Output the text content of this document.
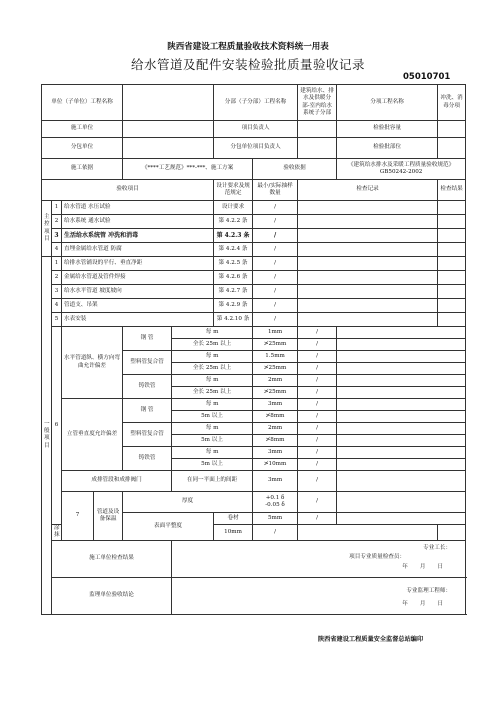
陕西省建设工程质量验收技术资料统一用表
给水管道及配件安装检验批质量验收记录
05010701
单位（子单位）工程名称						分部（子分部）工程名称		建筑给水、排水及供暖分部-室内给水系统子分部	分项工程名称	冲洗、消毒分项	
施工单位						项目负责人			检验批容量		
分包单位						分包单位项目负责人			检验批部位		
施工依据				《****工艺规范》***-***、施工方案			验收依据		《建筑给水排水及采暖工程质量验收规范》GB50242-2002		
验收项目						设计要求及规范规定	最小/实际抽样数量	检查记录		检查结果	
主控项目	1	给水管道 水压试验				设计要求	/				
	2	给水系统 通水试验				第 4.2.2 条	/				
	3	生活给水系统管 冲洗和消毒				第 4.2.3 条	/				
	4	直埋金属给水管道 防腐				第 4.2.4 条	/				
一般项目	1	给排水管铺设的平行、垂直净距				第 4.2.5 条	/				
	2	金属给水管道及管件焊接				第 4.2.6 条	/				
	3	给水水平管道 坡度坡向				第 4.2.7 条	/				
	4	管道支、吊架				第 4.2.9 条	/				
	5	水表安装				第 4.2.10 条	/				
	6	水平管道纵、横方向弯曲允许偏差		钢 管	每 m		1mm	/			
					全长 25m 以上		≯25mm	/			
				塑料管复合管	每 m		1.5mm	/			
					全长 25m 以上		≯25mm	/			
				铸铁管	每 m		2mm	/			
					全长 25m 以上		≯25mm	/			
		立管垂直度允许偏差		钢 管	每 m		3mm	/			
					5m 以上		≯8mm	/			
				塑料管复合管	每 m		2mm	/			
					5m 以上		≯8mm	/			
				铸铁管	每 m		3mm	/			
					5m 以上		≯10mm	/			
		成排管段和成排阀门			在同一平面上的间距		3mm	/			
		7	管道及设备保温	厚度			+0.1 δ
-0.05 δ	/			
				表面平整度		卷材	5mm	/			
	涂抹					10mm	/				
	施工单位检查结果				专业工长：
项目专业质量检查员：
年月日						

	监理单位验收结论				专业监理工程师：
年月日						
陕西省建设工程质量安全监督总站编印
